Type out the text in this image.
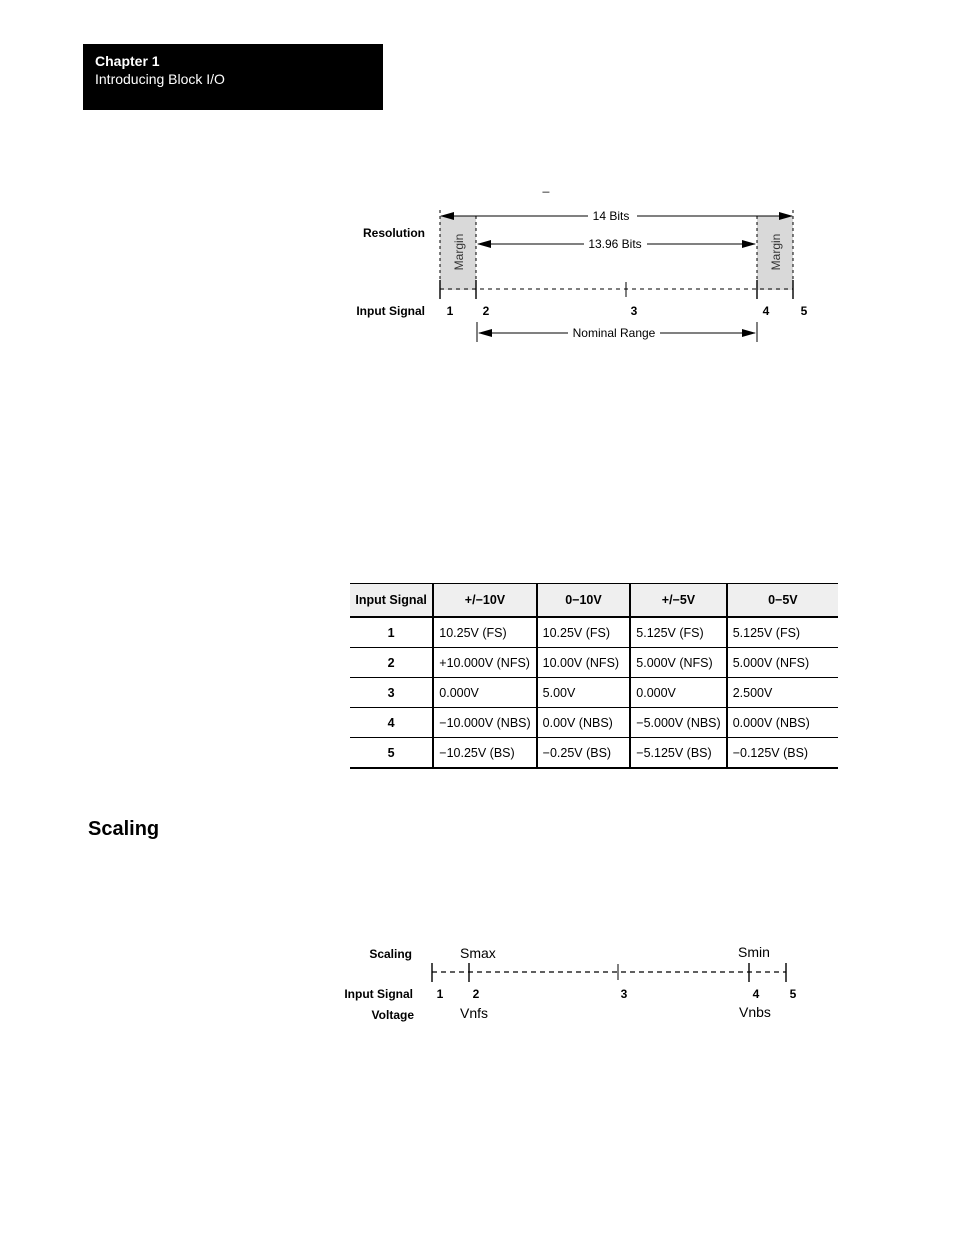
Chapter 1
Introducing Block I/O
_
Margin	Margin
14 Bits
13.96 Bits
Resolution
Input Signal 1 2	3	4	5
Nominal Range
Input Signal	+/−10V	0−10V	+/−5V	0−5V
1	10.25V (FS)	10.25V (FS)	5.125V (FS)	5.125V (FS)
2	+10.000V (NFS)	10.00V (NFS)	5.000V (NFS)	5.000V (NFS)
3	0.000V	5.00V	0.000V	2.500V
4	−10.000V (NBS)	0.00V (NBS)	−5.000V (NBS)	0.000V (NBS)
5	−10.25V (BS)	−0.25V (BS)	−5.125V (BS)	−0.125V (BS)
Scaling
Scaling	Smax	Smin
Input Signal 1 2	3	4	5
Voltage	Vnfs	Vnbs
